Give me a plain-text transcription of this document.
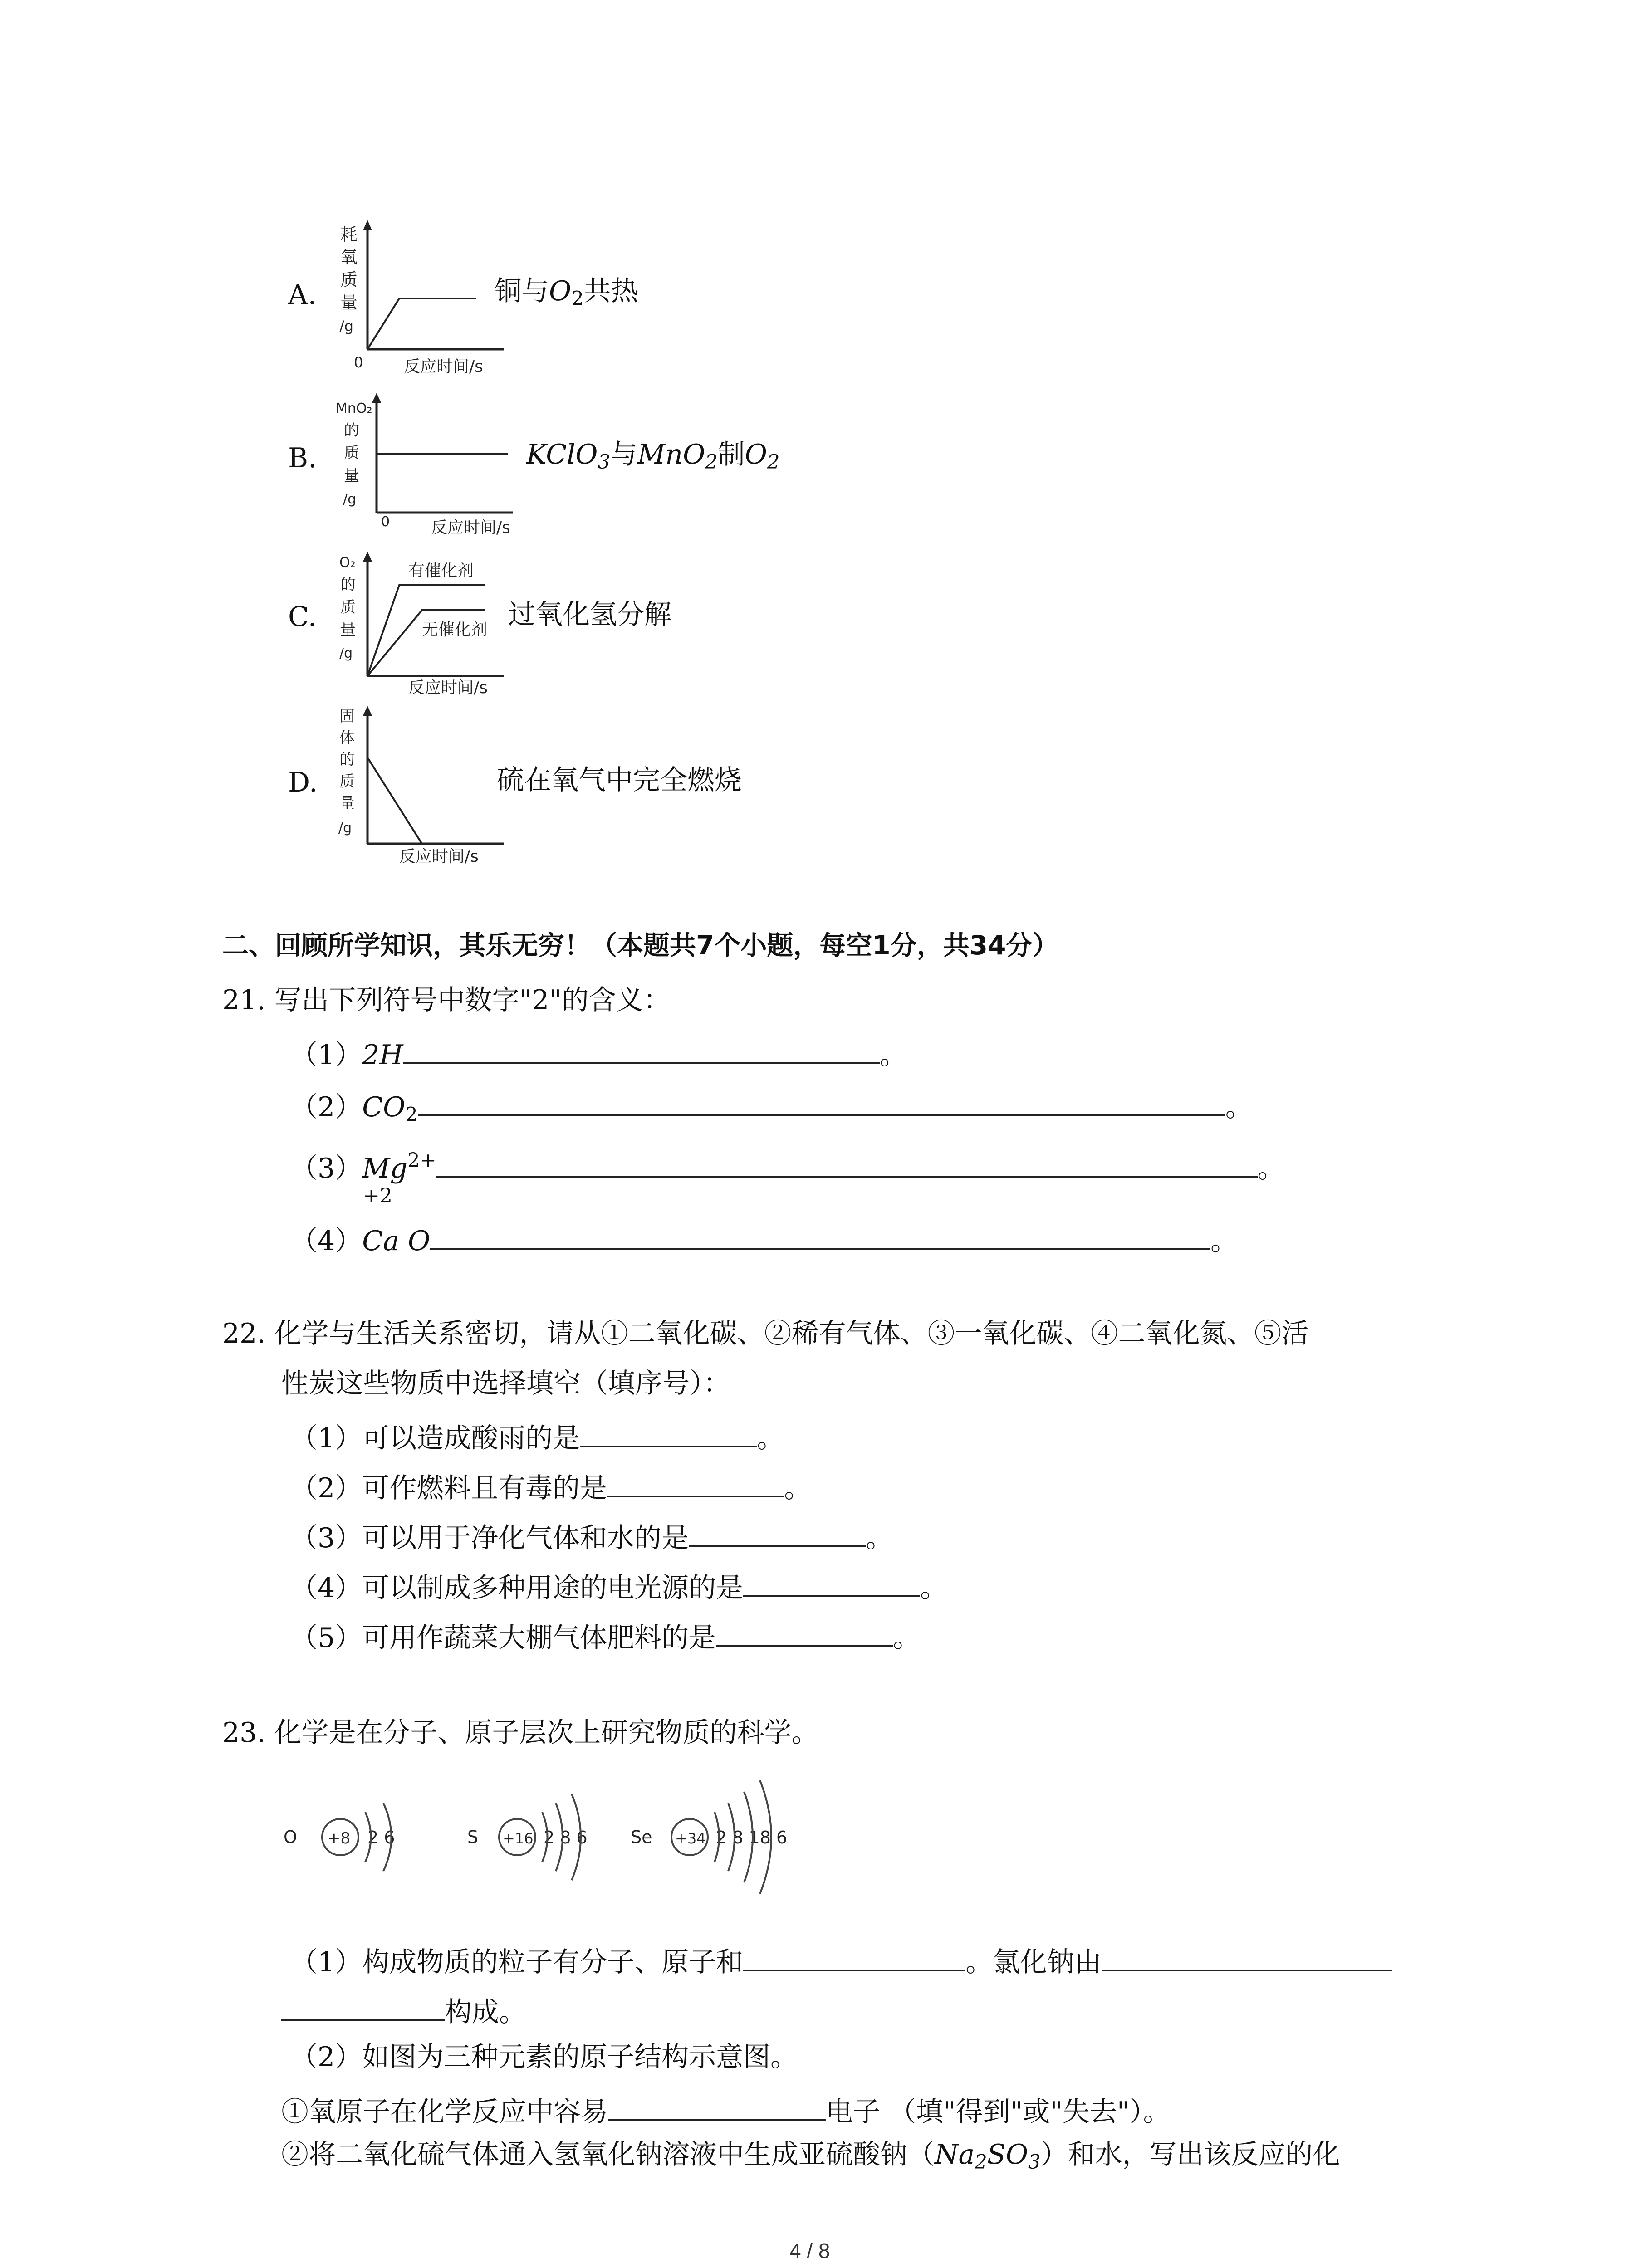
A.
耗
氧
质
量
/g
0 反应时间/s
铜与$O_2$共热
B.
MnO₂
的
质
量
/g
0	反应时间/s
KClO$_3$与MnO$_2$制$O_2$
C.
O₂
的
质
量
/g
有催化剂
无催化剂
反应时间/s
过氧化氢分解
D.
固
体
的
质
量
/g
反应时间/s
硫在氧气中完全燃烧
二、回顾所学知识，其乐无穷！（本题共7个小题，每空1分，共34分）
21. 写出下列符号中数字"2"的含义：
（1）2H	。
$(2)CO_2$	。
$(3)Mg^{2+}$	。
+2
（4）Ca O	。
22. 化学与生活关系密切，请从①二氧化碳、②稀有气体、③一氧化碳、④二氧化氮、⑤活
性炭这些物质中选择填空（填序号）：
（1）可以造成酸雨的是	。
（2）可作燃料且有毒的是	。
（3）可以用于净化气体和水的是	。
（4）可以制成多种用途的电光源的是	。
（5）可用作蔬菜大棚气体肥料的是	。
23. 化学是在分子、原子层次上研究物质的科学。
O +8 2 6	S +16 2 8 6	Se +34 2 8 18 6
（1）构成物质的粒子有分子、原子和	。氯化钠由
构成。
（2）如图为三种元素的原子结构示意图。
①氧原子在化学反应中容易	电子 （填"得到"或"失去"）。
②将二氧化硫气体通入氢氧化钠溶液中生成亚硫酸钠$(Na_2SO_3)$和水，写出该反应的化
4 / 8
